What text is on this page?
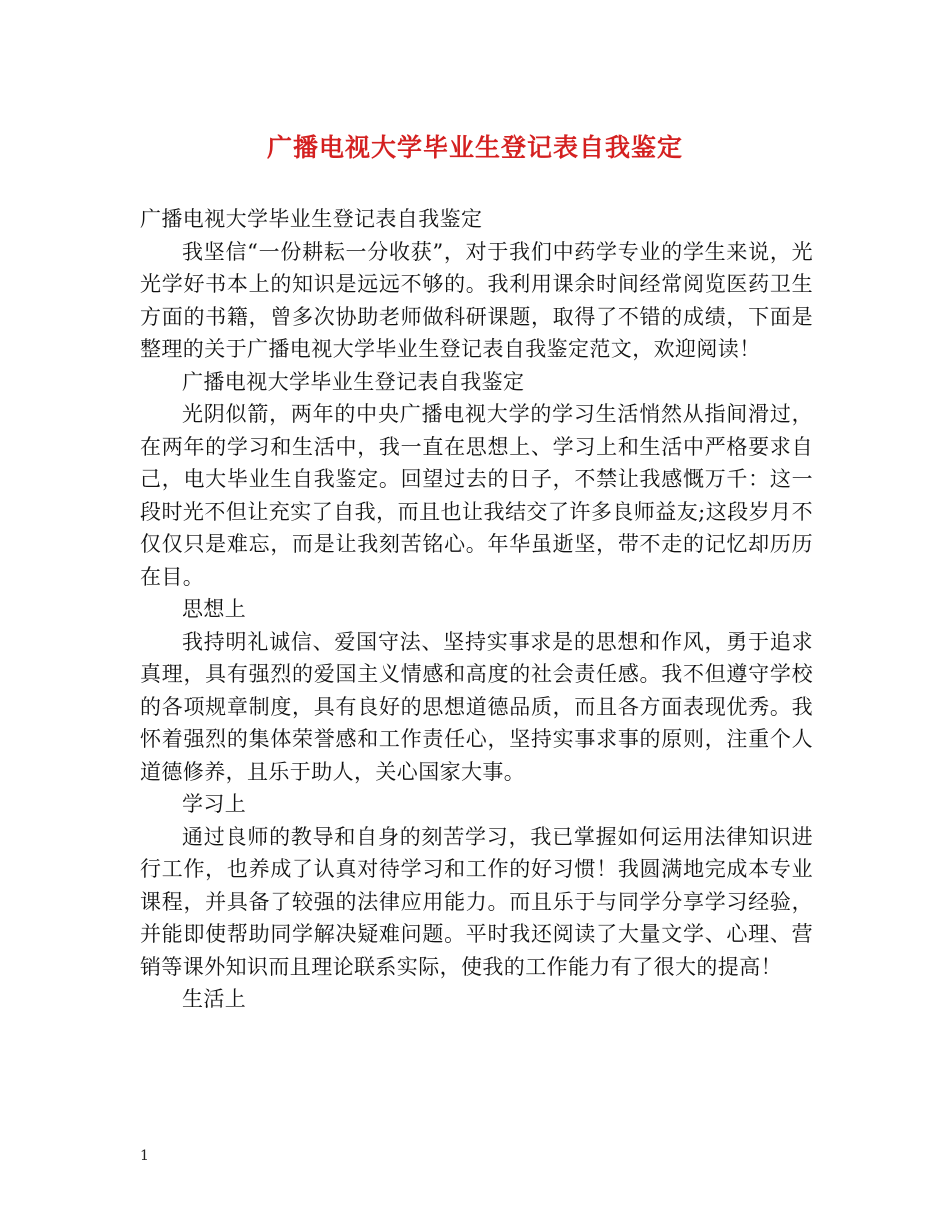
广播电视大学毕业生登记表自我鉴定

广播电视大学毕业生登记表自我鉴定

我坚信“一份耕耘一分收获”，对于我们中药学专业的学生来说，光光学好书本上的知识是远远不够的。我利用课余时间经常阅览医药卫生方面的书籍，曾多次协助老师做科研课题，取得了不错的成绩，下面是整理的关于广播电视大学毕业生登记表自我鉴定范文，欢迎阅读！

广播电视大学毕业生登记表自我鉴定

光阴似箭，两年的中央广播电视大学的学习生活悄然从指间滑过，在两年的学习和生活中，我一直在思想上、学习上和生活中严格要求自己，电大毕业生自我鉴定。回望过去的日子，不禁让我感慨万千：这一段时光不但让充实了自我，而且也让我结交了许多良师益友;这段岁月不仅仅只是难忘，而是让我刻苦铭心。年华虽逝坚，带不走的记忆却历历在目。

思想上

我持明礼诚信、爱国守法、坚持实事求是的思想和作风，勇于追求真理，具有强烈的爱国主义情感和高度的社会责任感。我不但遵守学校的各项规章制度，具有良好的思想道德品质，而且各方面表现优秀。我怀着强烈的集体荣誉感和工作责任心，坚持实事求事的原则，注重个人道德修养，且乐于助人，关心国家大事。

学习上

通过良师的教导和自身的刻苦学习，我已掌握如何运用法律知识进行工作，也养成了认真对待学习和工作的好习惯！我圆满地完成本专业课程，并具备了较强的法律应用能力。而且乐于与同学分享学习经验，并能即使帮助同学解决疑难问题。平时我还阅读了大量文学、心理、营销等课外知识而且理论联系实际，使我的工作能力有了很大的提高！

生活上

1
